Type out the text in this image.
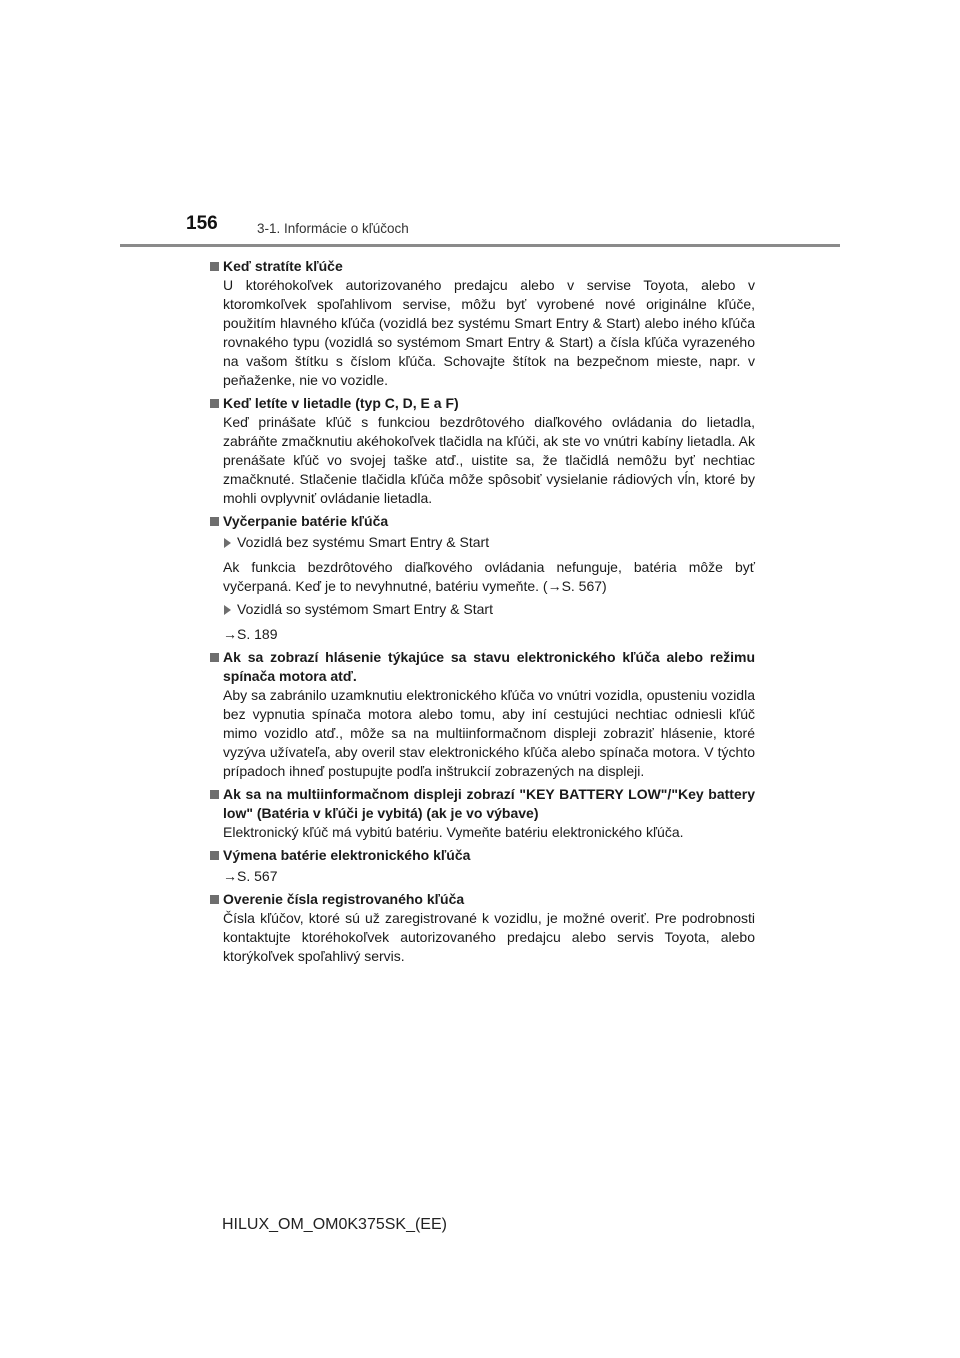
156	3-1. Informácie o kľúčoch
Keď stratíte kľúče

U ktoréhokoľvek autorizovaného predajcu alebo v servise Toyota, alebo v ktoromkoľvek spoľahlivom servise, môžu byť vyrobené nové originálne kľúče, použitím hlavného kľúča (vozidlá bez systému Smart Entry & Start) alebo iného kľúča rovnakého typu (vozidlá so systémom Smart Entry & Start) a čísla kľúča vyrazeného na vašom štítku s číslom kľúča. Schovajte štítok na bezpečnom mieste, napr. v peňaženke, nie vo vozidle.

Keď letíte v lietadle (typ C, D, E a F)

Keď prinášate kľúč s funkciou bezdrôtového diaľkového ovládania do lietadla, zabráňte zmačknutiu akéhokoľvek tlačidla na kľúči, ak ste vo vnútri kabíny lietadla. Ak prenášate kľúč vo svojej taške atď., uistite sa, že tlačidlá nemôžu byť nechtiac zmačknuté. Stlačenie tlačidla kľúča môže spôsobiť vysielanie rádiových vĺn, ktoré by mohli ovplyvniť ovládanie lietadla.

Vyčerpanie batérie kľúča
Vozidlá bez systému Smart Entry & Start

Ak funkcia bezdrôtového diaľkového ovládania nefunguje, batéria môže byť vyčerpaná. Keď je to nevyhnutné, batériu vymeňte. (→S. 567)

Vozidlá so systémom Smart Entry & Start

→S. 189

Ak sa zobrazí hlásenie týkajúce sa stavu elektronického kľúča alebo režimu spínača motora atď.

Aby sa zabránilo uzamknutiu elektronického kľúča vo vnútri vozidla, opusteniu vozidla bez vypnutia spínača motora alebo tomu, aby iní cestujúci nechtiac odniesli kľúč mimo vozidlo atď., môže sa na multiinformačnom displeji zobraziť hlásenie, ktoré vyzýva užívateľa, aby overil stav elektronického kľúča alebo spínača motora. V týchto prípadoch ihneď postupujte podľa inštrukcií zobrazených na displeji.

Ak sa na multiinformačnom displeji zobrazí "KEY BATTERY LOW"/"Key battery low" (Batéria v kľúči je vybitá) (ak je vo výbave)

Elektronický kľúč má vybitú batériu. Vymeňte batériu elektronického kľúča.

Výmena batérie elektronického kľúča

→S. 567

Overenie čísla registrovaného kľúča

Čísla kľúčov, ktoré sú už zaregistrované k vozidlu, je možné overiť. Pre podrobnosti kontaktujte ktoréhokoľvek autorizovaného predajcu alebo servis Toyota, alebo ktorýkoľvek spoľahlivý servis.

HILUX_OM_OM0K375SK_(EE)
